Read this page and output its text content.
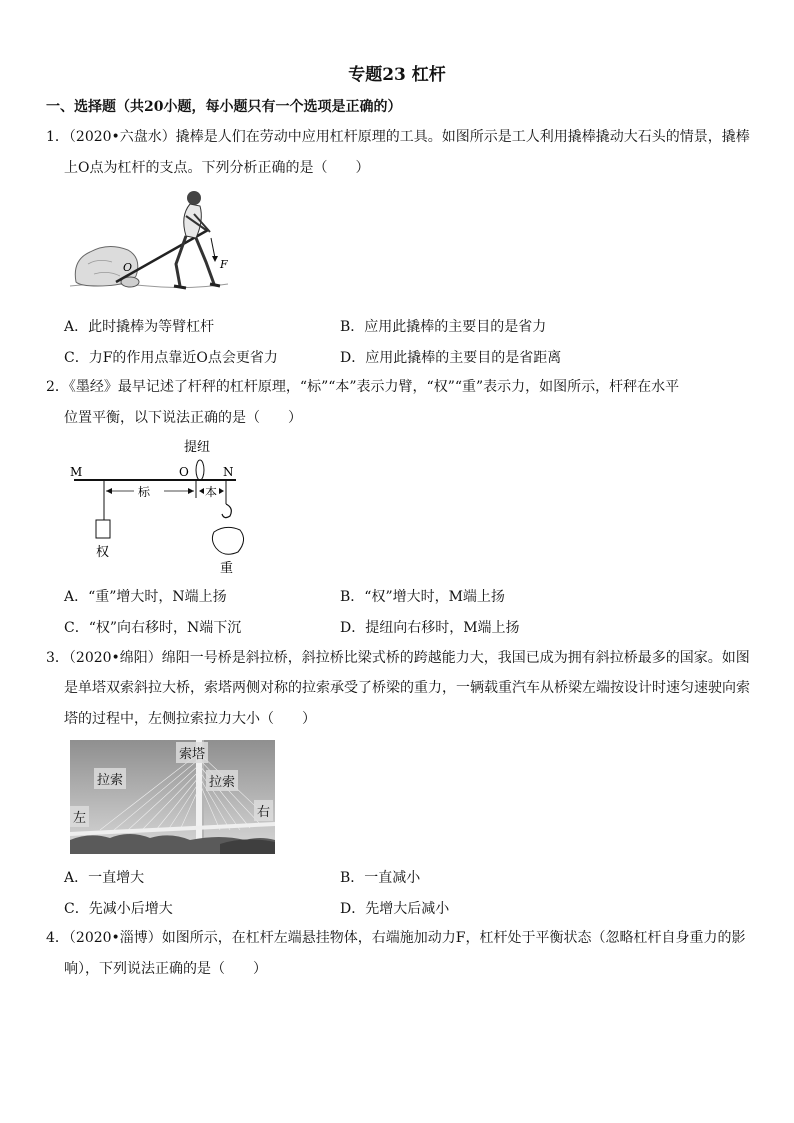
专题23 杠杆
一、选择题（共20小题，每小题只有一个选项是正确的）
1．（2020•六盘水）撬棒是人们在劳动中应用杠杆原理的工具。如图所示是工人利用撬棒撬动大石头的情景，撬棒
上O点为杠杆的支点。下列分析正确的是（　　）
O	F
A．此时撬棒为等臂杠杆	B．应用此撬棒的主要目的是省力
C．力F的作用点靠近O点会更省力	D．应用此撬棒的主要目的是省距离
2．《墨经》最早记述了杆秤的杠杆原理，“标”“本”表示力臂，“权”“重”表示力，如图所示，杆秤在水平
位置平衡，以下说法正确的是（　　）
提纽
M	O	N
标	本
权
重
A．“重”增大时，N端上扬	B．“权”增大时，M端上扬
C．“权”向右移时，N端下沉	D．提纽向右移时，M端上扬
3．（2020•绵阳）绵阳一号桥是斜拉桥，斜拉桥比梁式桥的跨越能力大，我国已成为拥有斜拉桥最多的国家。如图
是单塔双索斜拉大桥，索塔两侧对称的拉索承受了桥梁的重力，一辆载重汽车从桥梁左端按设计时速匀速驶向索
塔的过程中，左侧拉索拉力大小（　　）
索塔
拉索	拉索
左	右
A．一直增大	B．一直减小
C．先减小后增大	D．先增大后减小
4．（2020•淄博）如图所示，在杠杆左端悬挂物体，右端施加动力F，杠杆处于平衡状态（忽略杠杆自身重力的影
响），下列说法正确的是（　　）
